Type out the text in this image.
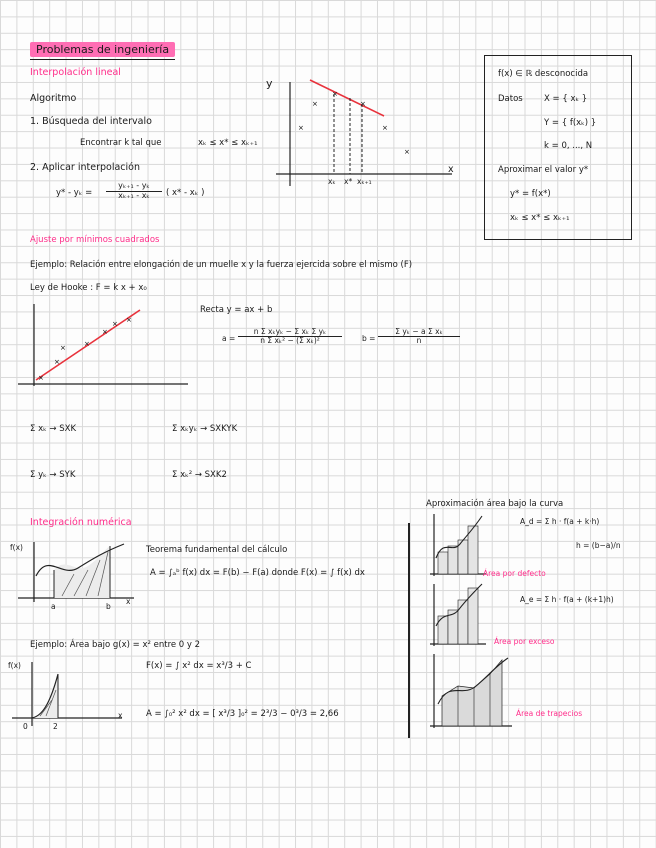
Problemas de ingeniería
Interpolación lineal
Algoritmo
1. Búsqueda del intervalo
Encontrar k tal que	xₖ ≤ x* ≤ xₖ₊₁
2. Aplicar interpolación
$y* - y_k = \frac{\text{yₖ₊₁ - yₖ}}{\text{xₖ₊₁ - xₖ}}$ ( x* - xₖ )
×
×
×
×
×
×
y
x
xₖ x* xₖ₊₁
f(x) ∈ ℝ desconocida
Datos	X = { xₖ }
Y = { f(xₖ) }
k = 0, ..., N
Aproximar el valor y*
y* = f(x*)
xₖ ≤ x* ≤ xₖ₊₁
Ajuste por mínimos cuadrados
Ejemplo: Relación entre elongación de un muelle x y la fuerza ejercida sobre el mismo (F)
Ley de Hooke : F = k x + x₀
×
×
×	×
×
× ×
Recta y = ax + b
a =
n Σ xₖyₖ − Σ xₖ Σ yₖ
n Σ xₖ² − (Σ xₖ)²	$b = \frac{\text{Σ yₖ − a Σ xₖ}}{n}$
Σ xₖ → SXK	Σ xₖyₖ → SXKYK
Σ yₖ → SYK	Σ xₖ² → SXK2
Integración numérica
f(x)
a	b
x
Teorema fundamental del cálculo
A = ∫ₐᵇ f(x) dx = F(b) − F(a) donde F(x) = ∫ f(x) dx
Ejemplo: Área bajo g(x) = x² entre 0 y 2
f(x)
0	2
x
F(x) = ∫ x² dx = x³/3 + C
A = ∫₀² x² dx = [ x³/3 ]₀² = 2³/3 − 0³/3 = 2,66
Aproximación área bajo la curva
A_d = Σ h · f(a + k·h)
h = (b−a)/n
Área por defecto
A_e = Σ h · f(a + (k+1)h)
Área por exceso
Área de trapecios
